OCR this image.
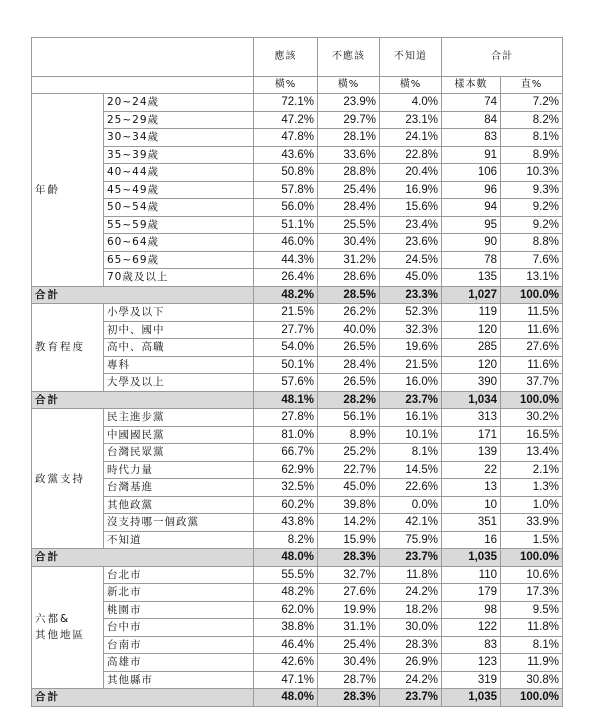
		應該	不應該	不知道	合計	
		橫%	橫%	橫%	樣本數	直%

年齡	20~24歲	72.1%	23.9%	4.0%	74	7.2%
	25~29歲	47.2%	29.7%	23.1%	84	8.2%
	30~34歲	47.8%	28.1%	24.1%	83	8.1%
	35~39歲	43.6%	33.6%	22.8%	91	8.9%
	40~44歲	50.8%	28.8%	20.4%	106	10.3%
	45~49歲	57.8%	25.4%	16.9%	96	9.3%
	50~54歲	56.0%	28.4%	15.6%	94	9.2%
	55~59歲	51.1%	25.5%	23.4%	95	9.2%
	60~64歲	46.0%	30.4%	23.6%	90	8.8%
	65~69歲	44.3%	31.2%	24.5%	78	7.6%
	70歲及以上	26.4%	28.6%	45.0%	135	13.1%
合計		48.2%	28.5%	23.3%	1,027	100.0%

教育程度	小學及以下	21.5%	26.2%	52.3%	119	11.5%
	初中、國中	27.7%	40.0%	32.3%	120	11.6%
	高中、高職	54.0%	26.5%	19.6%	285	27.6%
	專科	50.1%	28.4%	21.5%	120	11.6%
	大學及以上	57.6%	26.5%	16.0%	390	37.7%
合計		48.1%	28.2%	23.7%	1,034	100.0%

政黨支持	民主進步黨	27.8%	56.1%	16.1%	313	30.2%
	中國國民黨	81.0%	8.9%	10.1%	171	16.5%
	台灣民眾黨	66.7%	25.2%	8.1%	139	13.4%
	時代力量	62.9%	22.7%	14.5%	22	2.1%
	台灣基進	32.5%	45.0%	22.6%	13	1.3%
	其他政黨	60.2%	39.8%	0.0%	10	1.0%
	沒支持哪一個政黨	43.8%	14.2%	42.1%	351	33.9%
	不知道	8.2%	15.9%	75.9%	16	1.5%
合計		48.0%	28.3%	23.7%	1,035	100.0%

六都&
其他地區	台北市	55.5%	32.7%	11.8%	110	10.6%
	新北市	48.2%	27.6%	24.2%	179	17.3%
	桃園市	62.0%	19.9%	18.2%	98	9.5%
	台中市	38.8%	31.1%	30.0%	122	11.8%
	台南市	46.4%	25.4%	28.3%	83	8.1%
	高雄市	42.6%	30.4%	26.9%	123	11.9%
	其他縣市	47.1%	28.7%	24.2%	319	30.8%
合計		48.0%	28.3%	23.7%	1,035	100.0%
